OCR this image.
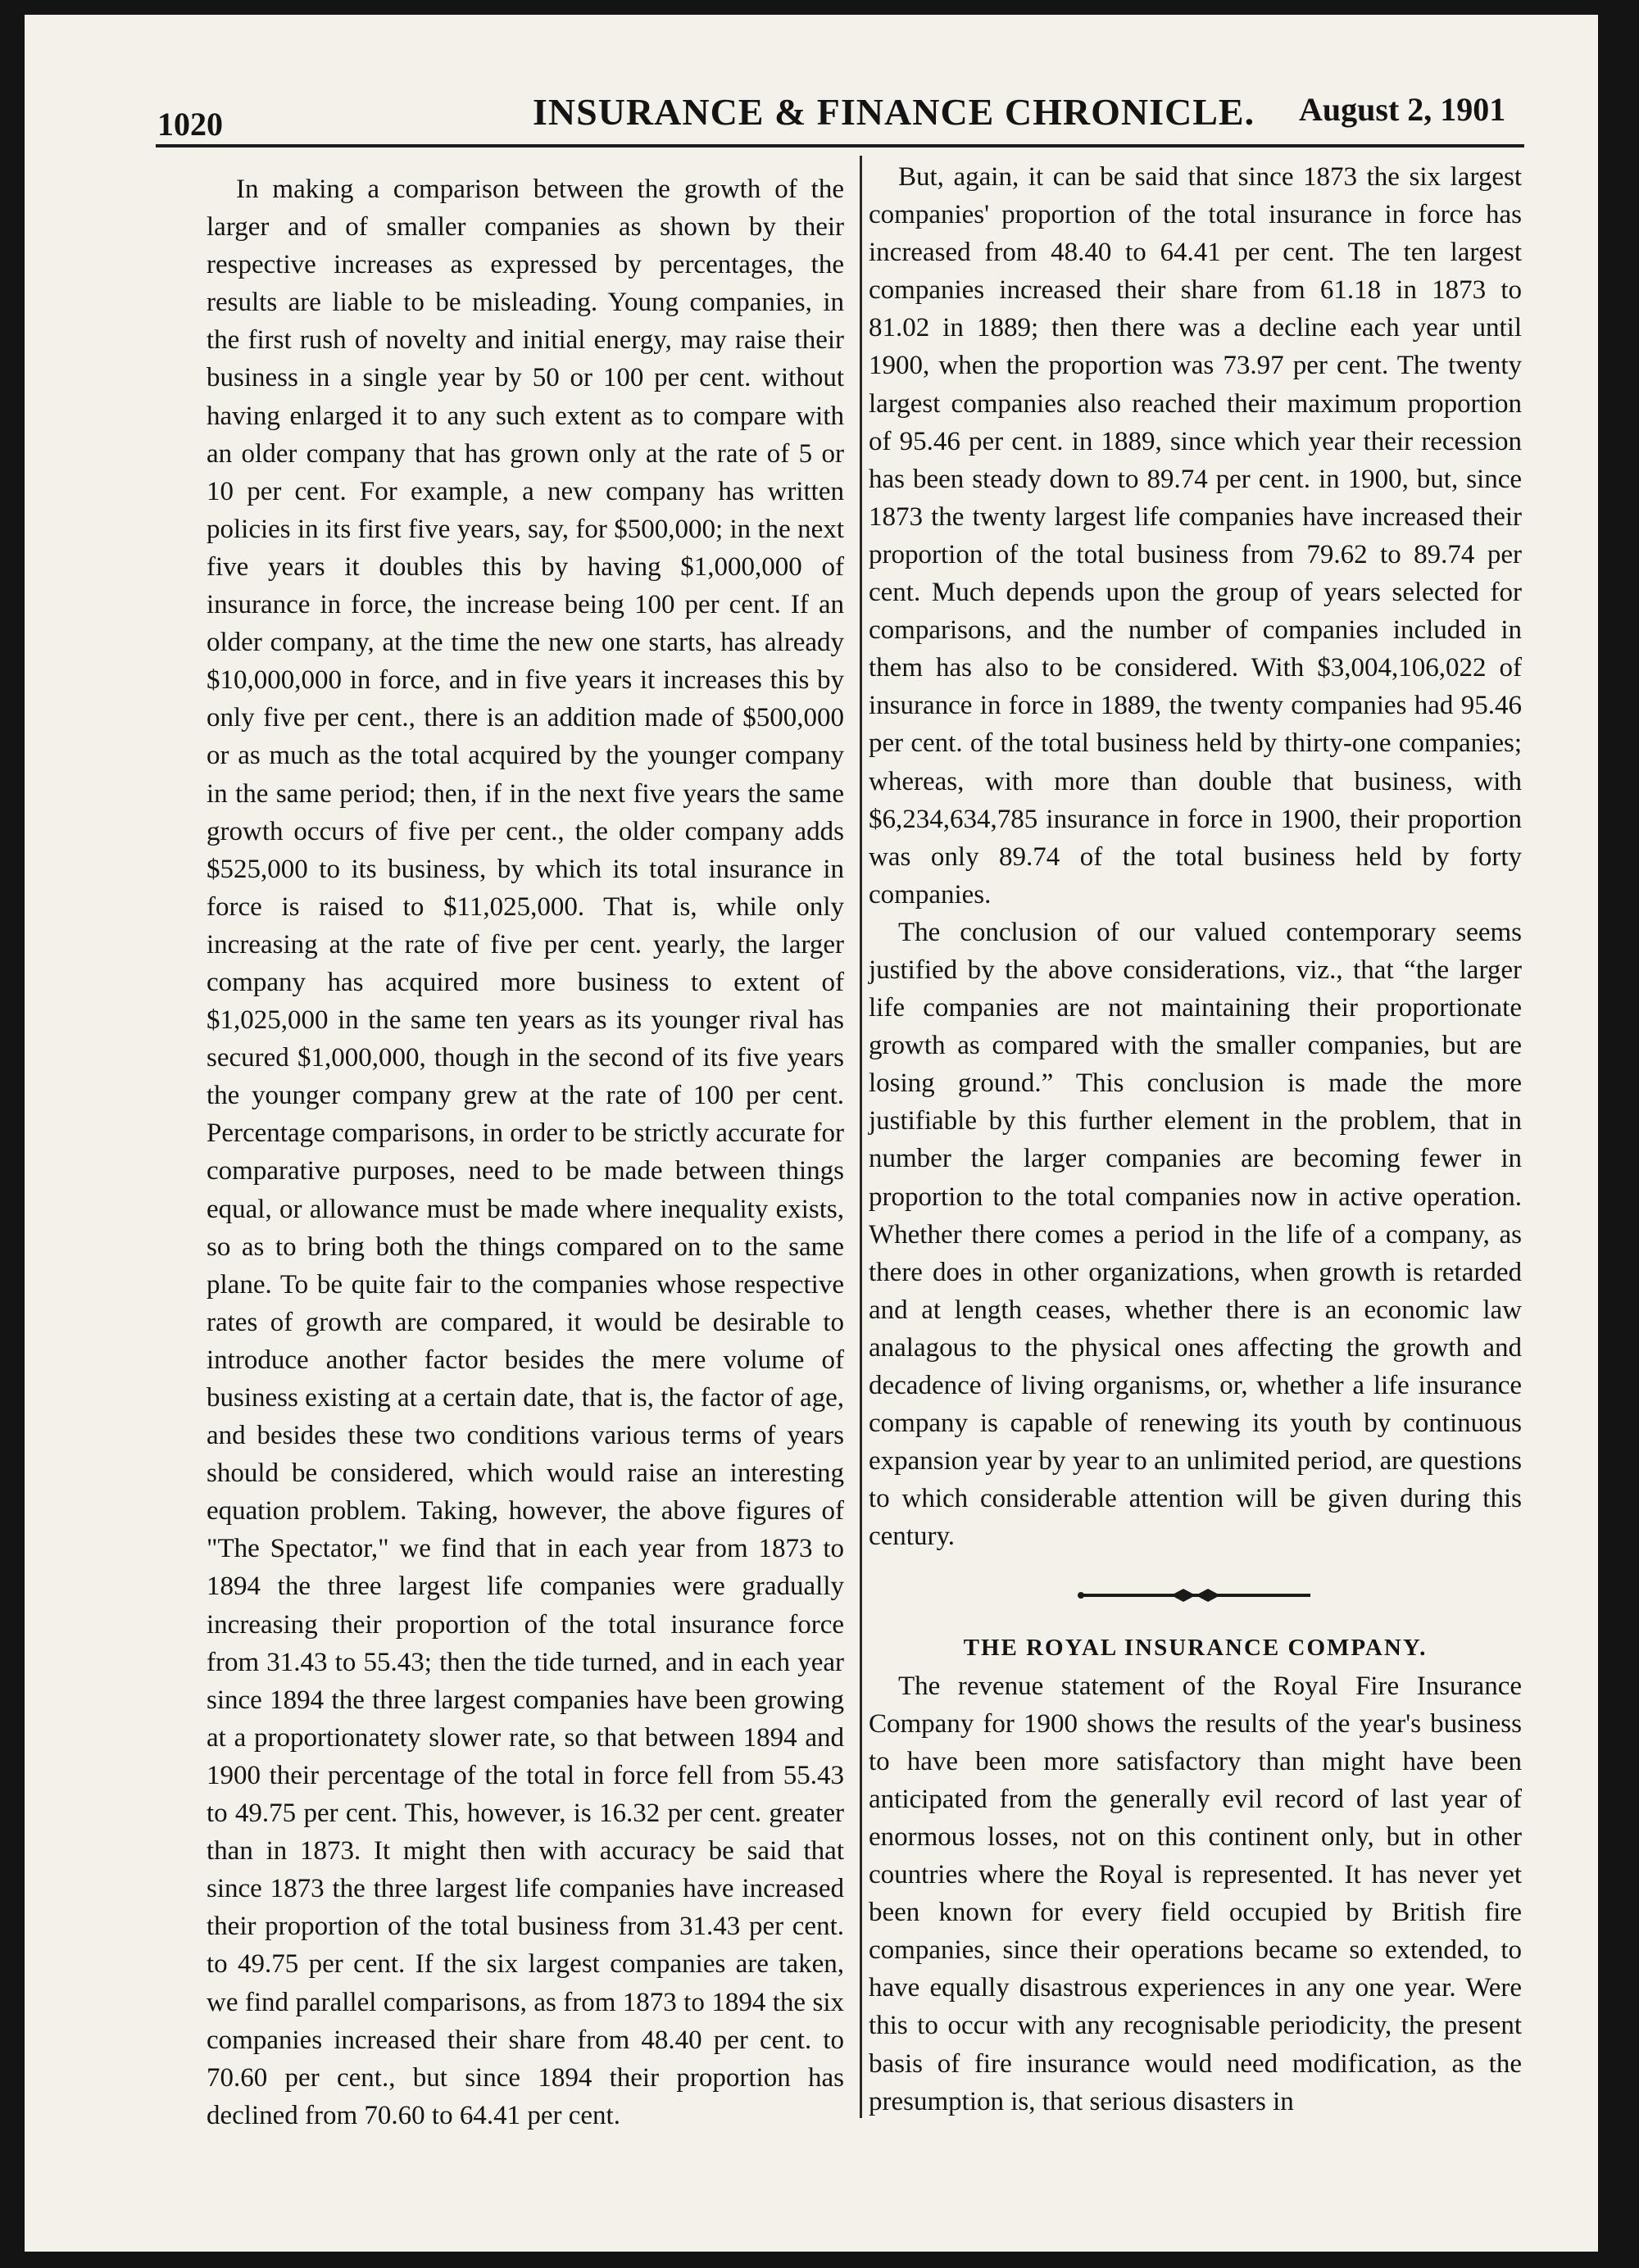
1020	INSURANCE & FINANCE CHRONICLE. August 2, 1901

In making a comparison between the growth of the larger and of smaller companies as shown by their respective increases as expressed by percentages, the results are liable to be misleading. Young companies, in the first rush of novelty and initial energy, may raise their business in a single year by 50 or 100 per cent. without having enlarged it to any such extent as to compare with an older company that has grown only at the rate of 5 or 10 per cent. For example, a new company has written policies in its first five years, say, for $500,000; in the next five years it doubles this by having $1,000,000 of insurance in force, the increase being 100 per cent. If an older company, at the time the new one starts, has already $10,000,000 in force, and in five years it increases this by only five per cent., there is an addition made of $500,000 or as much as the total acquired by the younger company in the same period; then, if in the next five years the same growth occurs of five per cent., the older company adds $525,000 to its business, by which its total insurance in force is raised to $11,025,000. That is, while only increasing at the rate of five per cent. yearly, the larger company has acquired more business to extent of $1,025,000 in the same ten years as its younger rival has secured $1,000,000, though in the second of its five years the younger company grew at the rate of 100 per cent. Percentage comparisons, in order to be strictly accurate for comparative purposes, need to be made between things equal, or allowance must be made where inequality exists, so as to bring both the things compared on to the same plane. To be quite fair to the companies whose respective rates of growth are compared, it would be desirable to introduce another factor besides the mere volume of business existing at a certain date, that is, the factor of age, and besides these two conditions various terms of years should be considered, which would raise an interesting equation problem. Taking, however, the above figures of "The Spectator," we find that in each year from 1873 to 1894 the three largest life companies were gradually increasing their proportion of the total insurance force from 31.43 to 55.43; then the tide turned, and in each year since 1894 the three largest companies have been growing at a proportionatety slower rate, so that between 1894 and 1900 their percentage of the total in force fell from 55.43 to 49.75 per cent. This, however, is 16.32 per cent. greater than in 1873. It might then with accuracy be said that since 1873 the three largest life companies have increased their proportion of the total business from 31.43 per cent. to 49.75 per cent. If the six largest companies are taken, we find parallel comparisons, as from 1873 to 1894 the six companies increased their share from 48.40 per cent. to 70.60 per cent., but since 1894 their proportion has declined from 70.60 to 64.41 per cent.

But, again, it can be said that since 1873 the six largest companies' proportion of the total insurance in force has increased from 48.40 to 64.41 per cent. The ten largest companies increased their share from 61.18 in 1873 to 81.02 in 1889; then there was a decline each year until 1900, when the proportion was 73.97 per cent. The twenty largest companies also reached their maximum proportion of 95.46 per cent. in 1889, since which year their recession has been steady down to 89.74 per cent. in 1900, but, since 1873 the twenty largest life companies have increased their proportion of the total business from 79.62 to 89.74 per cent. Much depends upon the group of years selected for comparisons, and the number of companies included in them has also to be considered. With $3,004,106,022 of insurance in force in 1889, the twenty companies had 95.46 per cent. of the total business held by thirty-one companies; whereas, with more than double that business, with $6,234,634,785 insurance in force in 1900, their proportion was only 89.74 of the total business held by forty companies.

The conclusion of our valued contemporary seems justified by the above considerations, viz., that “the larger life companies are not maintaining their proportionate growth as compared with the smaller companies, but are losing ground.” This conclusion is made the more justifiable by this further element in the problem, that in number the larger companies are becoming fewer in proportion to the total companies now in active operation. Whether there comes a period in the life of a company, as there does in other organizations, when growth is retarded and at length ceases, whether there is an economic law analagous to the physical ones affecting the growth and decadence of living organisms, or, whether a life insurance company is capable of renewing its youth by continuous expansion year by year to an unlimited period, are questions to which considerable attention will be given during this century.

THE ROYAL INSURANCE COMPANY.

The revenue statement of the Royal Fire Insurance Company for 1900 shows the results of the year's business to have been more satisfactory than might have been anticipated from the generally evil record of last year of enormous losses, not on this continent only, but in other countries where the Royal is represented. It has never yet been known for every field occupied by British fire companies, since their operations became so extended, to have equally disastrous experiences in any one year. Were this to occur with any recognisable periodicity, the present basis of fire insurance would need modification, as the presumption is, that serious disasters in
